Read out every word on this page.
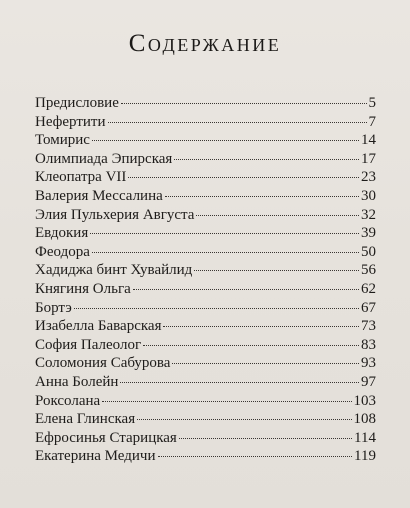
Содержание
Предисловие	5
Нефертити	7
Томирис	14
Олимпиада Эпирская	17
Клеопатра VII	23
Валерия Мессалина	30
Элия Пульхерия Августа	32
Евдокия	39
Феодора	50
Хадиджа бинт Хувайлид	56
Княгиня Ольга	62
Бортэ	67
Изабелла Баварская	73
София Палеолог	83
Соломония Сабурова	93
Анна Болейн	97
Роксолана	103
Елена Глинская	108
Ефросинья Старицкая	114
Екатерина Медичи	119
